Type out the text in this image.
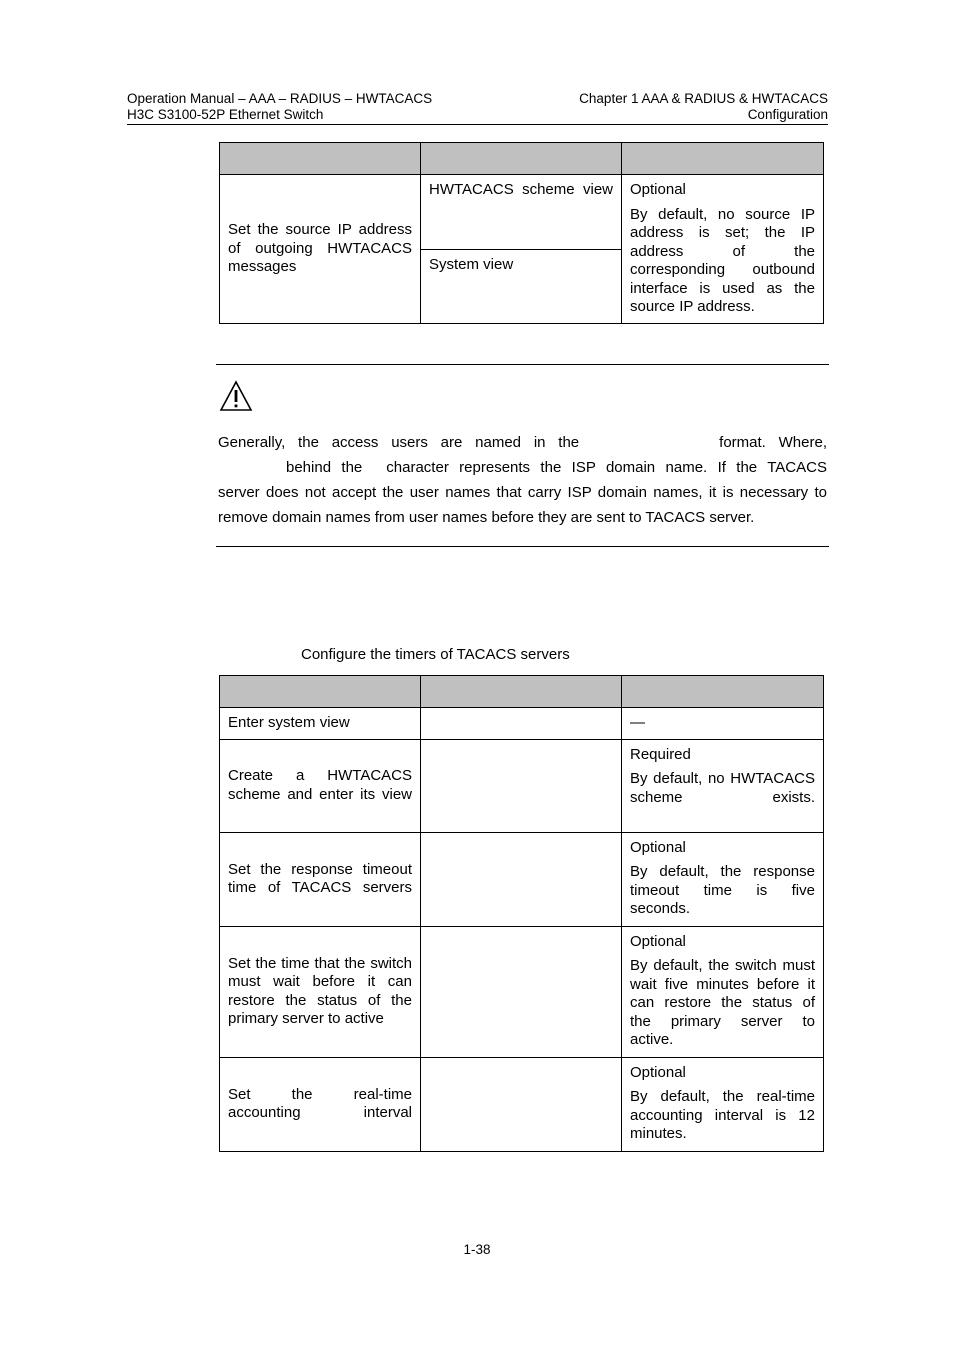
Operation Manual – AAA – RADIUS – HWTACACS
H3C S3100-52P Ethernet Switch
Chapter 1 AAA & RADIUS & HWTACACS
Configuration

Set the source IP address of outgoing HWTACACS messages	HWTACACS scheme view	Optional

By default, no source IP address is set; the IP address of the corresponding outbound interface is used as the source IP address.

	System view	
Generally, the access users are named in the	format. Where,
behind the character represents the ISP domain name. If the TACACS
server does not accept the user names that carry ISP domain names, it is necessary to
remove domain names from user names before they are sent to TACACS server.
Configure the timers of TACACS servers

Enter system view		—

Create a HWTACACS scheme and enter its view		Required

By default, no HWTACACS scheme exists.

Set the response timeout time of TACACS servers		Optional

By default, the response timeout time is five seconds.

Set the time that the switch must wait before it can restore the status of the primary server to active		Optional

By default, the switch must wait five minutes before it can restore the status of the primary server to active.

Set the real-time accounting interval		Optional

By default, the real-time accounting interval is 12 minutes.

1-38
